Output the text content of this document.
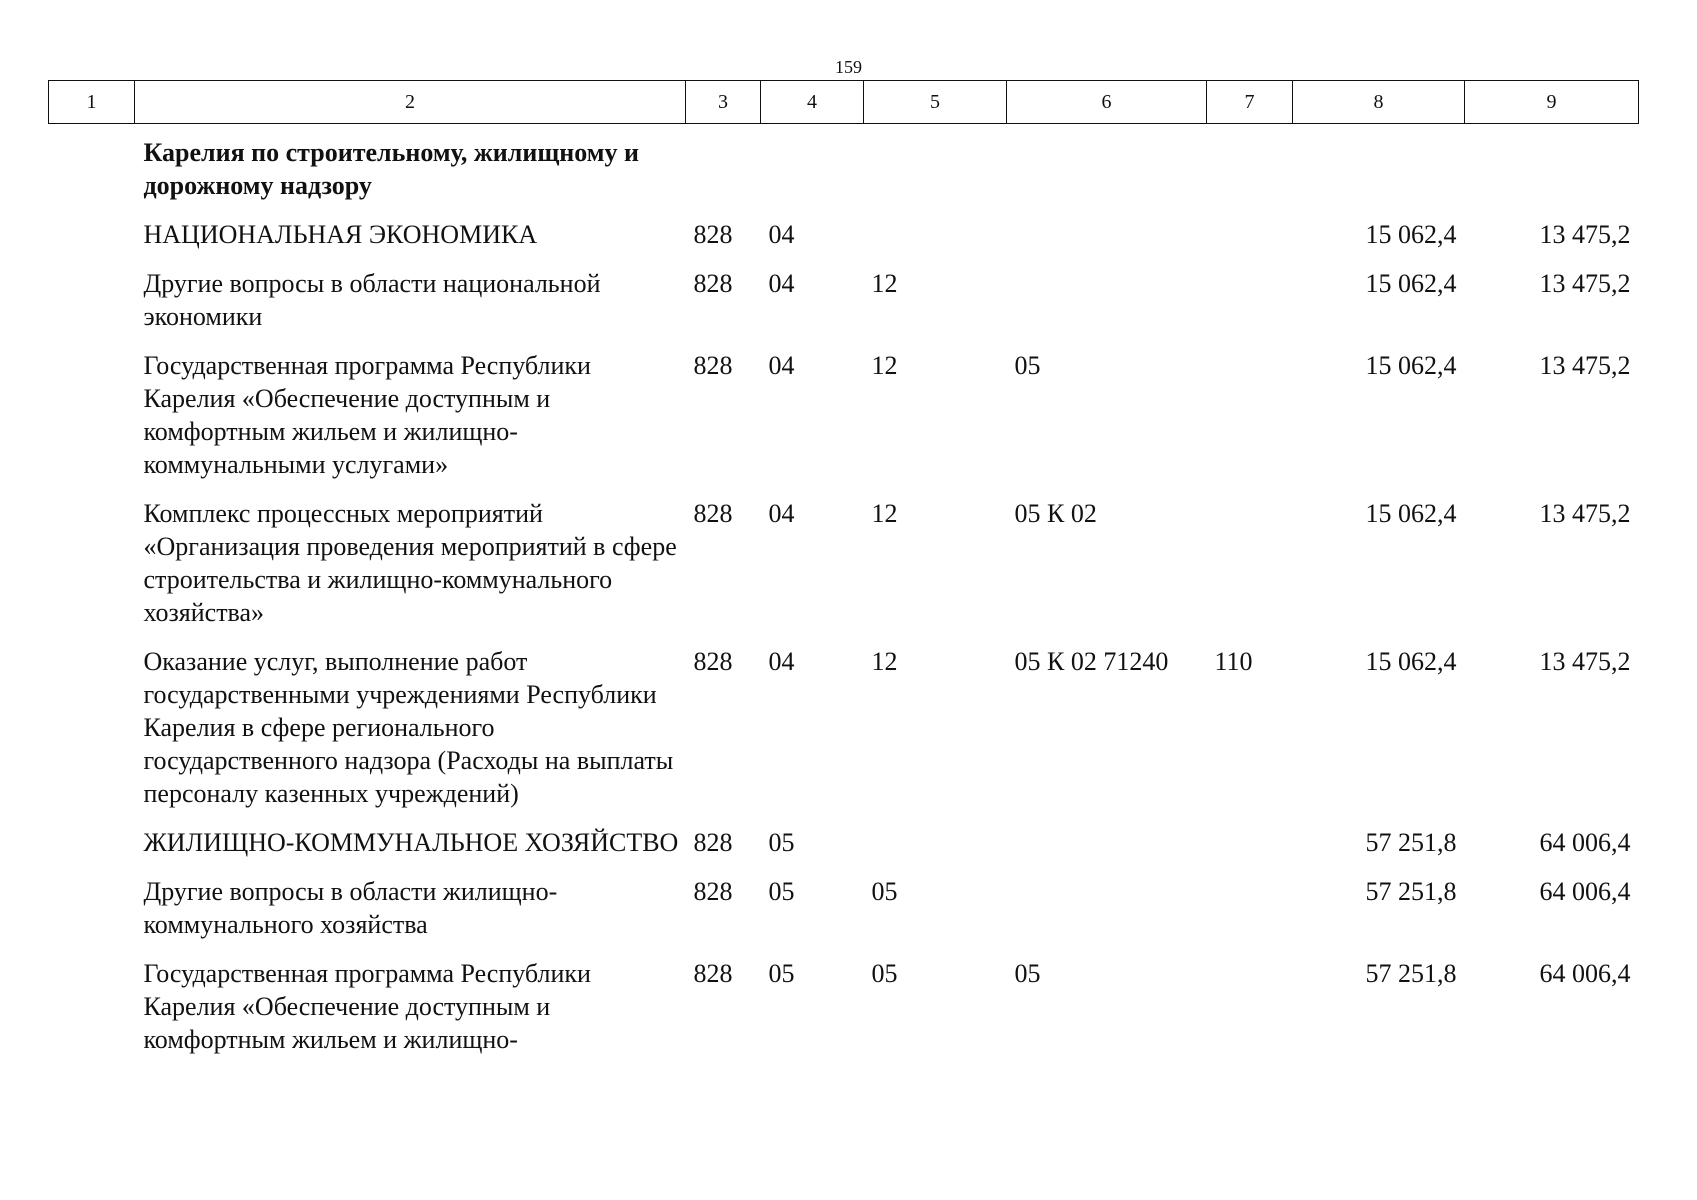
159
1	2	3	4	5	6	7	8	9
	Карелия по строительному, жилищному и дорожному надзору							
	НАЦИОНАЛЬНАЯ ЭКОНОМИКА	828	04				15 062,4	13 475,2
	Другие вопросы в области национальной экономики	828	04	12			15 062,4	13 475,2
	Государственная программа Республики Карелия «Обеспечение доступным и комфортным жильем и жилищно-коммунальными услугами»	828	04	12	05		15 062,4	13 475,2
	Комплекс процессных мероприятий «Организация проведения мероприятий в сфере строительства и жилищно-коммунального хозяйства»	828	04	12	05 К 02		15 062,4	13 475,2
	Оказание услуг, выполнение работ государственными учреждениями Республики Карелия в сфере регионального государственного надзора (Расходы на выплаты персоналу казенных учреждений)	828	04	12	05 К 02 71240	110	15 062,4	13 475,2
	ЖИЛИЩНО-КОММУНАЛЬНОЕ ХОЗЯЙСТВО	828	05				57 251,8	64 006,4
	Другие вопросы в области жилищно-коммунального хозяйства	828	05	05			57 251,8	64 006,4
	Государственная программа Республики Карелия «Обеспечение доступным и комфортным жильем и жилищно-	828	05	05	05		57 251,8	64 006,4
